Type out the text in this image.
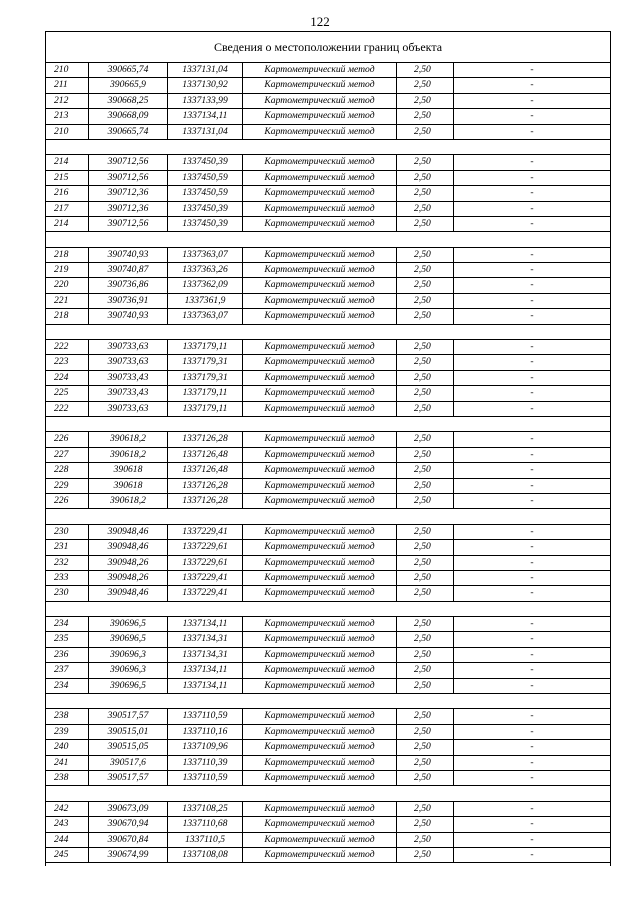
122
Сведения о местоположении границ объекта
210	390665,74	1337131,04	Картометрический метод	2,50	-
211	390665,9	1337130,92	Картометрический метод	2,50	-
212	390668,25	1337133,99	Картометрический метод	2,50	-
213	390668,09	1337134,11	Картометрический метод	2,50	-
210	390665,74	1337131,04	Картометрический метод	2,50	-
214	390712,56	1337450,39	Картометрический метод	2,50	-
215	390712,56	1337450,59	Картометрический метод	2,50	-
216	390712,36	1337450,59	Картометрический метод	2,50	-
217	390712,36	1337450,39	Картометрический метод	2,50	-
214	390712,56	1337450,39	Картометрический метод	2,50	-
218	390740,93	1337363,07	Картометрический метод	2,50	-
219	390740,87	1337363,26	Картометрический метод	2,50	-
220	390736,86	1337362,09	Картометрический метод	2,50	-
221	390736,91	1337361,9	Картометрический метод	2,50	-
218	390740,93	1337363,07	Картометрический метод	2,50	-
222	390733,63	1337179,11	Картометрический метод	2,50	-
223	390733,63	1337179,31	Картометрический метод	2,50	-
224	390733,43	1337179,31	Картометрический метод	2,50	-
225	390733,43	1337179,11	Картометрический метод	2,50	-
222	390733,63	1337179,11	Картометрический метод	2,50	-
226	390618,2	1337126,28	Картометрический метод	2,50	-
227	390618,2	1337126,48	Картометрический метод	2,50	-
228	390618	1337126,48	Картометрический метод	2,50	-
229	390618	1337126,28	Картометрический метод	2,50	-
226	390618,2	1337126,28	Картометрический метод	2,50	-
230	390948,46	1337229,41	Картометрический метод	2,50	-
231	390948,46	1337229,61	Картометрический метод	2,50	-
232	390948,26	1337229,61	Картометрический метод	2,50	-
233	390948,26	1337229,41	Картометрический метод	2,50	-
230	390948,46	1337229,41	Картометрический метод	2,50	-
234	390696,5	1337134,11	Картометрический метод	2,50	-
235	390696,5	1337134,31	Картометрический метод	2,50	-
236	390696,3	1337134,31	Картометрический метод	2,50	-
237	390696,3	1337134,11	Картометрический метод	2,50	-
234	390696,5	1337134,11	Картометрический метод	2,50	-
238	390517,57	1337110,59	Картометрический метод	2,50	-
239	390515,01	1337110,16	Картометрический метод	2,50	-
240	390515,05	1337109,96	Картометрический метод	2,50	-
241	390517,6	1337110,39	Картометрический метод	2,50	-
238	390517,57	1337110,59	Картометрический метод	2,50	-
242	390673,09	1337108,25	Картометрический метод	2,50	-
243	390670,94	1337110,68	Картометрический метод	2,50	-
244	390670,84	1337110,5	Картометрический метод	2,50	-
245	390674,99	1337108,08	Картометрический метод	2,50	-
